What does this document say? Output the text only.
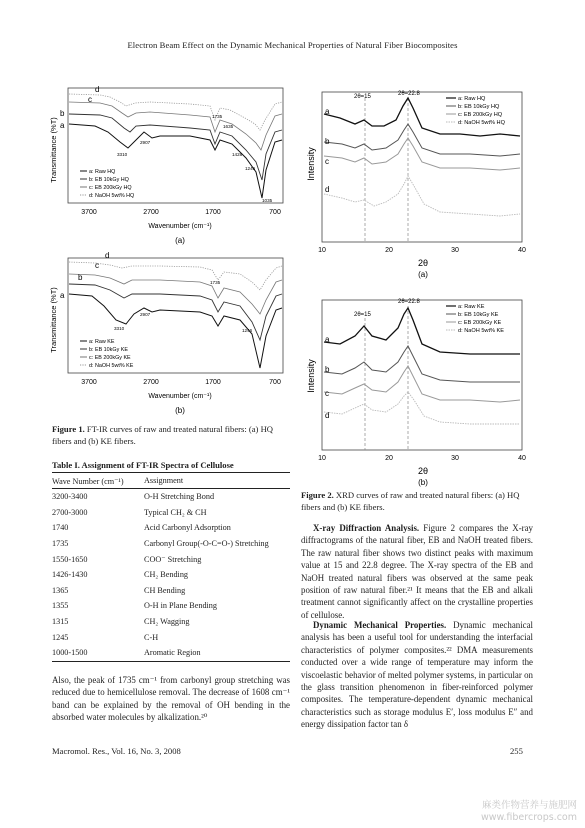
Electron Beam Effect on the Dynamic Mechanical Properties of Natural Fiber Biocomposites
Transmittance (%T) a
b
c
d
3310
2907
1735
1635
1428
1246
1035
a: Raw HQ
b: EB 10kGy HQ
c: EB 200kGy HQ
d: NaOH 5wt% HQ
3700	2700	1700	700
Wavenumber (cm⁻¹)
(a)
Transmittance (%T) a
b
c
d
3310
2907
1735
1246
a: Raw KE
b: EB 10kGy KE
c: EB 200kGy KE
d: NaOH 5wt% KE
3700	2700	1700	700
Wavenumber (cm⁻¹)
(b)
Figure 1. FT-IR curves of raw and treated natural fibers: (a) HQ fibers and (b) KE fibers.
Table I. Assignment of FT-IR Spectra of Cellulose
Wave Number (cm⁻¹)	Assignment
3200-3400	O-H Stretching Bond
2700-3000	Typical CH₂ & CH
1740	Acid Carbonyl Adsorption
1735	Carbonyl Group(-O-C=O-) Stretching
1550-1650	COO⁻ Stretching
1426-1430	CH₂ Bending
1365	CH Bending
1355	O-H in Plane Bending
1315	CH₂ Wagging
1245	C-H
1000-1500	Aromatic Region
Also, the peak of 1735 cm⁻¹ from carbonyl group stretching was reduced due to hemicellulose removal. The decrease of 1608 cm⁻¹ band can be explained by the removal of OH bending in the absorbed water molecules by alkalization.²⁰
Intensity
2θ=15	2θ=22.8
a
b
c
d
a: Raw HQ
b: EB 10kGy HQ
c: EB 200kGy HQ
d: NaOH 5wt% HQ
10	20	30	40
2θ
(a)
Intensity
2θ=15
2θ=22.8
a
b
c
d
a: Raw KE
b: EB 10kGy KE
c: EB 200kGy KE
d: NaOH 5wt% KE
10	20	30	40
2θ
(b)
Figure 2. XRD curves of raw and treated natural fibers: (a) HQ fibers and (b) KE fibers.
X-ray Diffraction Analysis. Figure 2 compares the X-ray diffractograms of the natural fiber, EB and NaOH treated fibers. The raw natural fiber shows two distinct peaks with maximum value at 15 and 22.8 degree. The X-ray spectra of the EB and NaOH treated natural fibers was observed at the same peak position of raw natural fiber.²¹ It means that the EB and alkali treatment cannot significantly affect on the crystalline properties of cellulose.
Dynamic Mechanical Properties. Dynamic mechanical analysis has been a useful tool for understanding the interfacial characteristics of polymer composites.²² DMA measurements conducted over a wide range of temperature may inform the viscoelastic behavior of melted polymer systems, in particular on the glass transition phenomenon in fiber-reinforced polymer composites. The temperature-dependent dynamic mechanical characteristics such as storage modulus E′, loss modulus E″ and energy dissipation factor tan δ
Macromol. Res., Vol. 16, No. 3, 2008	255
麻类作物营养与施肥网
www.fibercrops.com
